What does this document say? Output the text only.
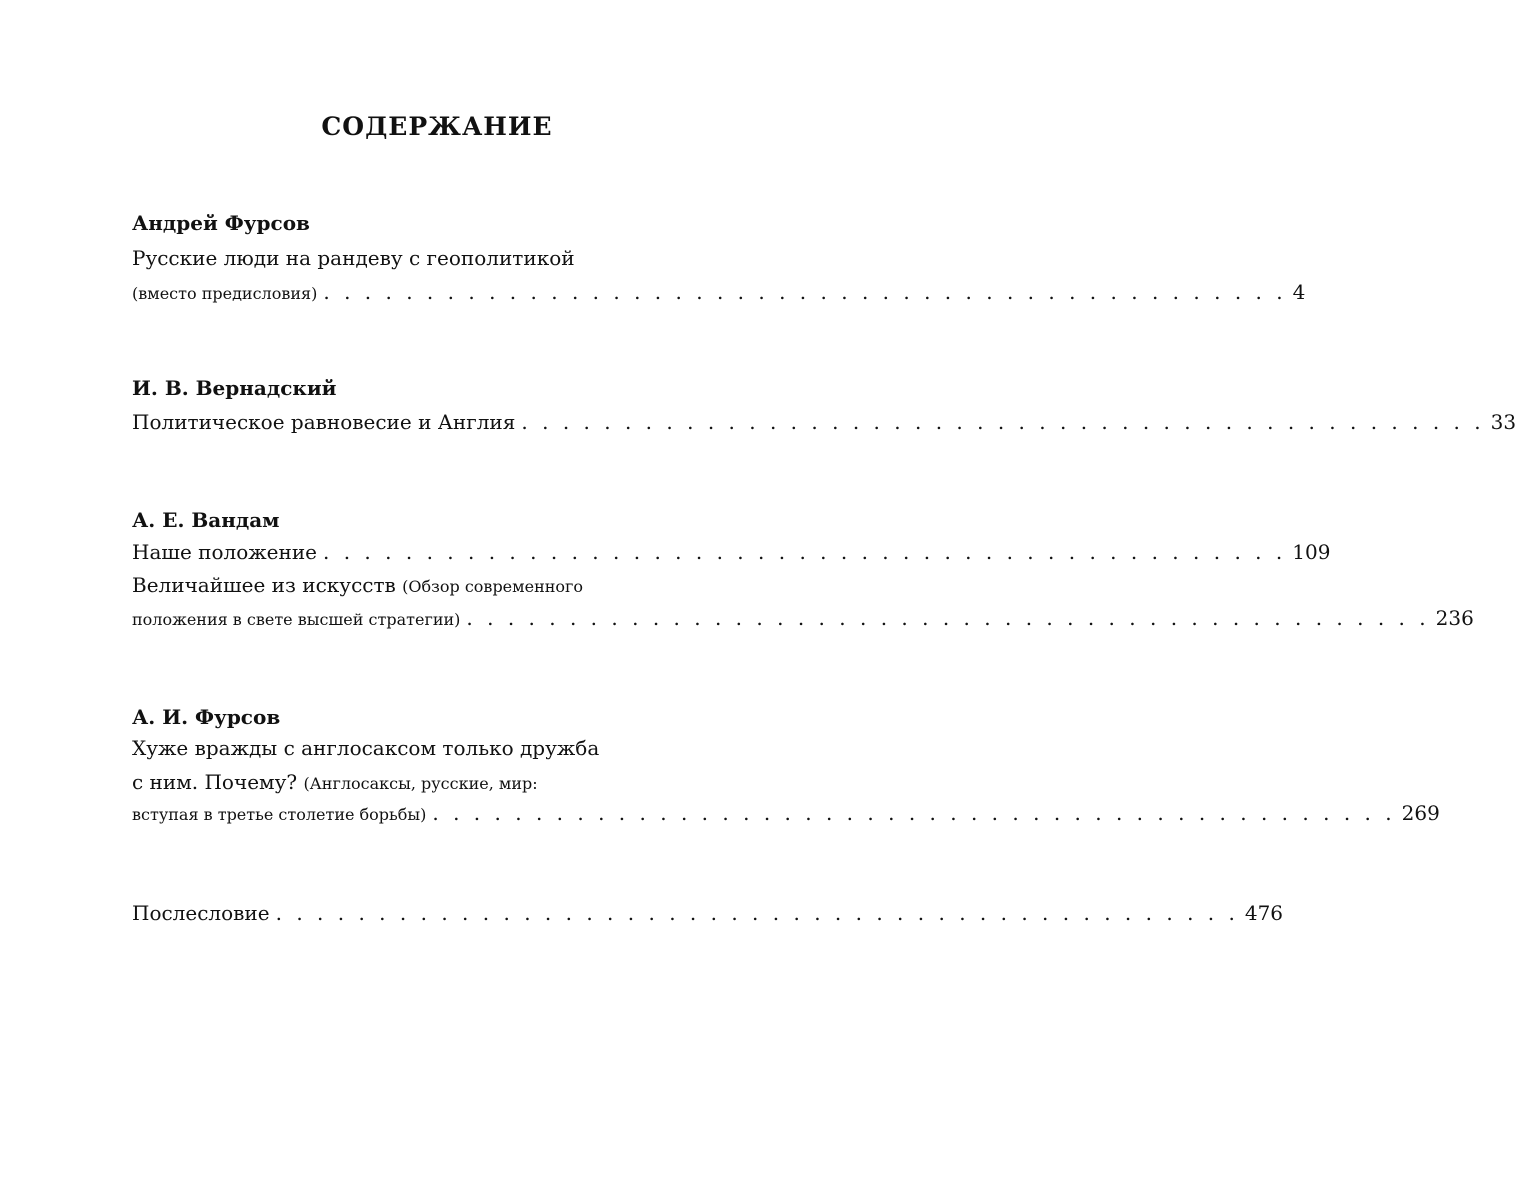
СОДЕРЖАНИЕ
Андрей Фурсов
Русские люди на рандеву с геополитикой
(вместо предисловия) . . . . . . . . . . . . . . . . . . . . . . . . . . . . . . . . . . . . . . . . . . . . . . . 4
И. В. Вернадский
Политическое равновесие и Англия . . . . . . . . . . . . . . . . . . . . . . . . . . . . . . . . . . . . . . . . . . . . . . . 33
А. Е. Вандам
Наше положение . . . . . . . . . . . . . . . . . . . . . . . . . . . . . . . . . . . . . . . . . . . . . . . 109
Величайшее из искусств (Обзор современного
положения в свете высшей стратегии) . . . . . . . . . . . . . . . . . . . . . . . . . . . . . . . . . . . . . . . . . . . . . . . 236
А. И. Фурсов
Хуже вражды с англосаксом только дружба
с ним. Почему? (Англосаксы, русские, мир:
вступая в третье столетие борьбы) . . . . . . . . . . . . . . . . . . . . . . . . . . . . . . . . . . . . . . . . . . . . . . . 269
Послесловие . . . . . . . . . . . . . . . . . . . . . . . . . . . . . . . . . . . . . . . . . . . . . . . 476
